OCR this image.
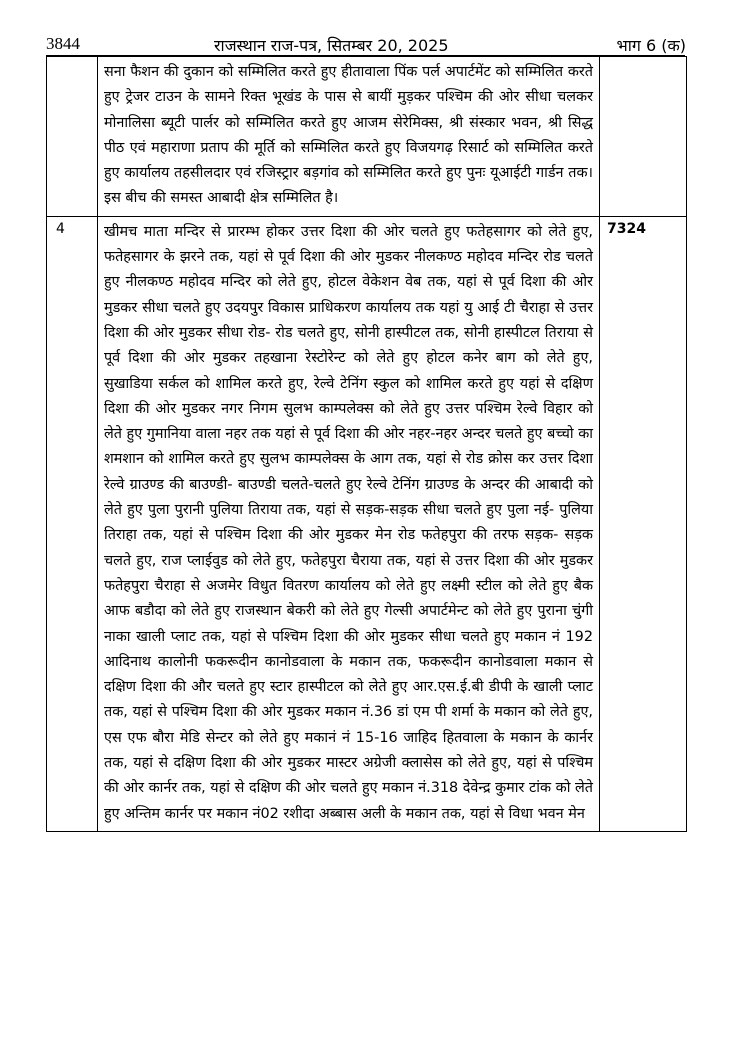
3844	राजस्थान राज-पत्र, सितम्बर 20, 2025	भाग 6 (क)

	सना फैशन की दुकान को सम्मिलित करते हुए हीतावाला पिंक पर्ल अपार्टमेंट को सम्मिलित करते हुए ट्रेजर टाउन के सामने रिक्त भूखंड के पास से बायीं मुड़कर पश्चिम की ओर सीधा चलकर मोनालिसा ब्यूटी पार्लर को सम्मिलित करते हुए आजम सेरेमिक्स, श्री संस्कार भवन, श्री सिद्ध पीठ एवं महाराणा प्रताप की मूर्ति को सम्मिलित करते हुए विजयगढ़ रिसार्ट को सम्मिलित करते हुए कार्यालय तहसीलदार एवं रजिस्ट्रार बड़गांव को सम्मिलित करते हुए पुनः यूआईटी गार्डन तक। इस बीच की समस्त आबादी क्षेत्र सम्मिलित है।	

4	खीमच माता मन्दिर से प्रारम्भ होकर उत्तर दिशा की ओर चलते हुए फतेहसागर को लेते हुए, फतेहसागर के झरने तक, यहां से पूर्व दिशा की ओर मुडकर नीलकण्ठ महोदव मन्दिर रोड चलते हुए नीलकण्ठ महोदव मन्दिर को लेते हुए, होटल वेकेशन वेब तक, यहां से पूर्व दिशा की ओर मुडकर सीधा चलते हुए उदयपुर विकास प्राधिकरण कार्यालय तक यहां यु आई टी चैराहा से उत्तर दिशा की ओर मुडकर सीधा रोड- रोड चलते हुए, सोनी हास्पीटल तक, सोनी हास्पीटल तिराया से पूर्व दिशा की ओर मुडकर तहखाना रेस्टोरेन्ट को लेते हुए होटल कनेर बाग को लेते हुए, सुखाडिया सर्कल को शामिल करते हुए, रेल्वे टेनिंग स्कुल को शामिल करते हुए यहां से दक्षिण दिशा की ओर मुडकर नगर निगम सुलभ काम्पलेक्स को लेते हुए उत्तर पश्चिम रेल्वे विहार को लेते हुए गुमानिया वाला नहर तक यहां से पूर्व दिशा की ओर नहर-नहर अन्दर चलते हुए बच्चो का शमशान को शामिल करते हुए सुलभ काम्पलेक्स के आग तक, यहां से रोड क्रोस कर उत्तर दिशा रेल्वे ग्राउण्ड की बाउण्डी- बाउण्डी चलते-चलते हुए रेल्वे टेनिंग ग्राउण्ड के अन्दर की आबादी को लेते हुए पुला पुरानी पुलिया तिराया तक, यहां से सड़क-सड़क सीधा चलते हुए पुला नई- पुलिया तिराहा तक, यहां से पश्चिम दिशा की ओर मुडकर मेन रोड फतेहपुरा की तरफ सड़क- सड़क चलते हुए, राज प्लाईवुड को लेते हुए, फतेहपुरा चैराया तक, यहां से उत्तर दिशा की ओर मुडकर फतेहपुरा चैराहा से अजमेर विधुत वितरण कार्यालय को लेते हुए लक्ष्मी स्टील को लेते हुए बैक आफ बडौदा को लेते हुए राजस्थान बेकरी को लेते हुए गेल्सी अपार्टमेन्ट को लेते हुए पुराना चुंगी नाका खाली प्लाट तक, यहां से पश्चिम दिशा की ओर मुडकर सीधा चलते हुए मकान नं 192 आदिनाथ कालोनी फकरूदीन कानोडवाला के मकान तक, फकरूदीन कानोडवाला मकान से दक्षिण दिशा की और चलते हुए स्टार हास्पीटल को लेते हुए आर.एस.ई.बी डीपी के खाली प्लाट तक, यहां से पश्चिम दिशा की ओर मुडकर मकान नं.36 डां एम पी शर्मा के मकान को लेते हुए, एस एफ बौरा मेडि सेन्टर को लेते हुए मकानं नं 15-16 जाहिद हितवाला के मकान के कार्नर तक, यहां से दक्षिण दिशा की ओर मुडकर मास्टर अग्रेजी क्लासेस को लेते हुए, यहां से पश्चिम की ओर कार्नर तक, यहां से दक्षिण की ओर चलते हुए मकान नं.318 देवेन्द्र कुमार टांक को लेते हुए अन्तिम कार्नर पर मकान नं02 रशीदा अब्बास अली के मकान तक, यहां से विधा भवन मेन	7324
